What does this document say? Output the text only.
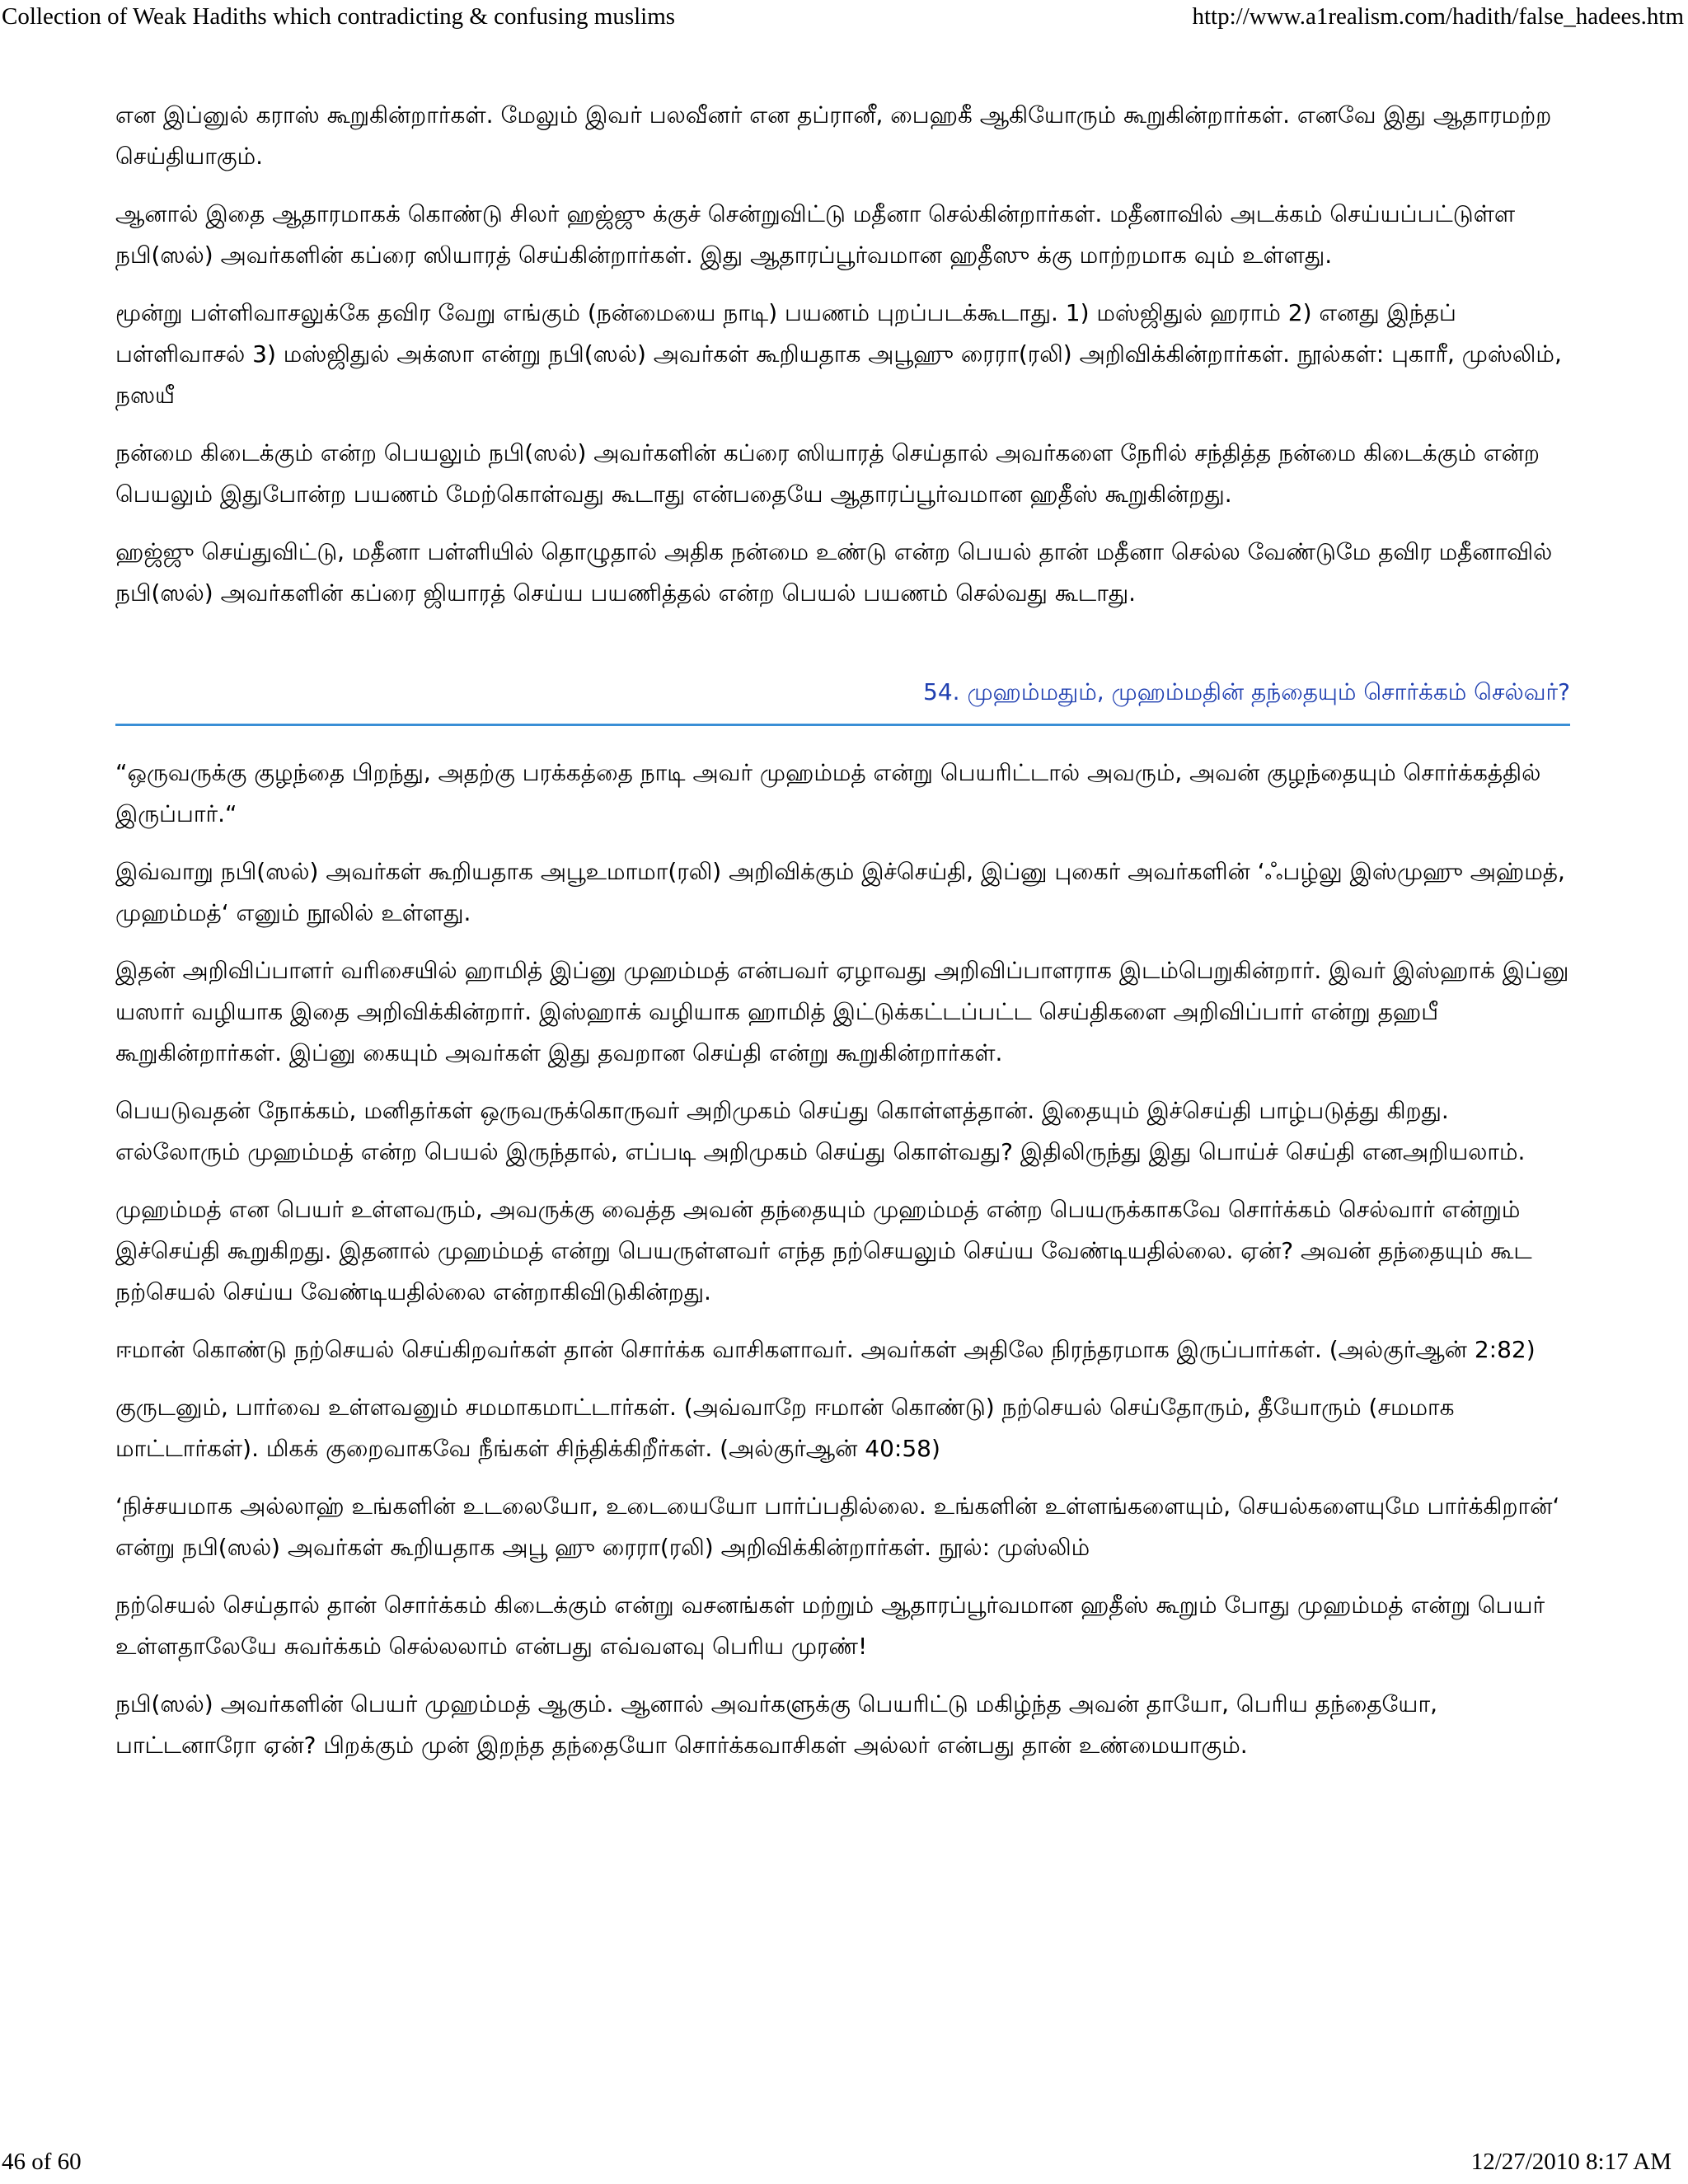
Collection of Weak Hadiths which contradicting & confusing muslims	http://www.a1realism.com/hadith/false_hadees.htm

என இப்னுல் கராஸ் கூறுகின்றார்கள். மேலும் இவர் பலவீனர் என தப்ரானீ, பைஹகீ ஆகியோரும் கூறுகின்றார்கள். எனவே இது ஆதாரமற்ற செய்தியாகும்.

ஆனால் இதை ஆதாரமாகக் கொண்டு சிலர் ஹஜ்ஜு க்குச் சென்றுவிட்டு மதீனா செல்கின்றார்கள். மதீனாவில் அடக்கம் செய்யப்பட்டுள்ள நபி(ஸல்) அவர்களின் கப்ரை ஸியாரத் செய்கின்றார்கள். இது ஆதாரப்பூர்வமான ஹதீஸு க்கு மாற்றமாக வும் உள்ளது.

மூன்று பள்ளிவாசலுக்கே தவிர வேறு எங்கும் (நன்மையை நாடி) பயணம் புறப்படக்கூடாது. 1) மஸ்ஜிதுல் ஹராம் 2) எனது இந்தப் பள்ளிவாசல் 3) மஸ்ஜிதுல் அக்ஸா என்று நபி(ஸல்) அவர்கள் கூறியதாக அபூஹு ரைரா(ரலி) அறிவிக்கின்றார்கள். நூல்கள்: புகாரீ, முஸ்லிம், நஸயீ

நன்மை கிடைக்கும் என்ற பெயலும் நபி(ஸல்) அவர்களின் கப்ரை ஸியாரத் செய்தால் அவர்களை நேரில் சந்தித்த நன்மை கிடைக்கும் என்ற பெயலும் இதுபோன்ற பயணம் மேற்கொள்வது கூடாது என்பதையே ஆதாரப்பூர்வமான ஹதீஸ் கூறுகின்றது.

ஹஜ்ஜு செய்துவிட்டு, மதீனா பள்ளியில் தொழுதால் அதிக நன்மை உண்டு என்ற பெயல் தான் மதீனா செல்ல வேண்டுமே தவிர மதீனாவில் நபி(ஸல்) அவர்களின் கப்ரை ஜியாரத் செய்ய பயணித்தல் என்ற பெயல் பயணம் செல்வது கூடாது.

54. முஹம்மதும், முஹம்மதின் தந்தையும் சொர்க்கம் செல்வர்?

“ஒருவருக்கு குழந்தை பிறந்து, அதற்கு பரக்கத்தை நாடி அவர் முஹம்மத் என்று பெயரிட்டால் அவரும், அவன் குழந்தையும் சொர்க்கத்தில் இருப்பார்.“

இவ்வாறு நபி(ஸல்) அவர்கள் கூறியதாக அபூஉமாமா(ரலி) அறிவிக்கும் இச்செய்தி, இப்னு புகைர் அவர்களின் ‘ஃபழ்லு இஸ்முஹு அஹ்மத், முஹம்மத்‘ எனும் நூலில் உள்ளது.

இதன் அறிவிப்பாளர் வரிசையில் ஹாமித் இப்னு முஹம்மத் என்பவர் ஏழாவது அறிவிப்பாளராக இடம்பெறுகின்றார். இவர் இஸ்ஹாக் இப்னு யஸார் வழியாக இதை அறிவிக்கின்றார். இஸ்ஹாக் வழியாக ஹாமித் இட்டுக்கட்டப்பட்ட செய்திகளை அறிவிப்பார் என்று தஹபீ கூறுகின்றார்கள். இப்னு கையும் அவர்கள் இது தவறான செய்தி என்று கூறுகின்றார்கள்.

பெயடுவதன் நோக்கம், மனிதர்கள் ஒருவருக்கொருவர் அறிமுகம் செய்து கொள்ளத்தான். இதையும் இச்செய்தி பாழ்படுத்து கிறது. எல்லோரும் முஹம்மத் என்ற பெயல் இருந்தால், எப்படி அறிமுகம் செய்து கொள்வது? இதிலிருந்து இது பொய்ச் செய்தி எனஅறியலாம்.

முஹம்மத் என பெயர் உள்ளவரும், அவருக்கு வைத்த அவன் தந்தையும் முஹம்மத் என்ற பெயருக்காகவே சொர்க்கம் செல்வார் என்றும் இச்செய்தி கூறுகிறது. இதனால் முஹம்மத் என்று பெயருள்ளவர் எந்த நற்செயலும் செய்ய வேண்டியதில்லை. ஏன்? அவன் தந்தையும் கூட நற்செயல் செய்ய வேண்டியதில்லை என்றாகிவிடுகின்றது.

ஈமான் கொண்டு நற்செயல் செய்கிறவர்கள் தான் சொர்க்க வாசிகளாவர். அவர்கள் அதிலே நிரந்தரமாக இருப்பார்கள். (அல்குர்ஆன் 2:82)

குருடனும், பார்வை உள்ளவனும் சமமாகமாட்டார்கள். (அவ்வாறே ஈமான் கொண்டு) நற்செயல் செய்தோரும், தீயோரும் (சமமாக மாட்டார்கள்). மிகக் குறைவாகவே நீங்கள் சிந்திக்கிறீர்கள். (அல்குர்ஆன் 40:58)

‘நிச்சயமாக அல்லாஹ் உங்களின் உடலையோ, உடையையோ பார்ப்பதில்லை. உங்களின் உள்ளங்களையும், செயல்களையுமே பார்க்கிறான்‘ என்று நபி(ஸல்) அவர்கள் கூறியதாக அபூ ஹு ரைரா(ரலி) அறிவிக்கின்றார்கள். நூல்: முஸ்லிம்

நற்செயல் செய்தால் தான் சொர்க்கம் கிடைக்கும் என்று வசனங்கள் மற்றும் ஆதாரப்பூர்வமான ஹதீஸ் கூறும் போது முஹம்மத் என்று பெயர் உள்ளதாலேயே சுவர்க்கம் செல்லலாம் என்பது எவ்வளவு பெரிய முரண்!

நபி(ஸல்) அவர்களின் பெயர் முஹம்மத் ஆகும். ஆனால் அவர்களுக்கு பெயரிட்டு மகிழ்ந்த அவன் தாயோ, பெரிய தந்தையோ, பாட்டனாரோ ஏன்? பிறக்கும் முன் இறந்த தந்தையோ சொர்க்கவாசிகள் அல்லர் என்பது தான் உண்மையாகும்.

46 of 60	12/27/2010 8:17 AM
